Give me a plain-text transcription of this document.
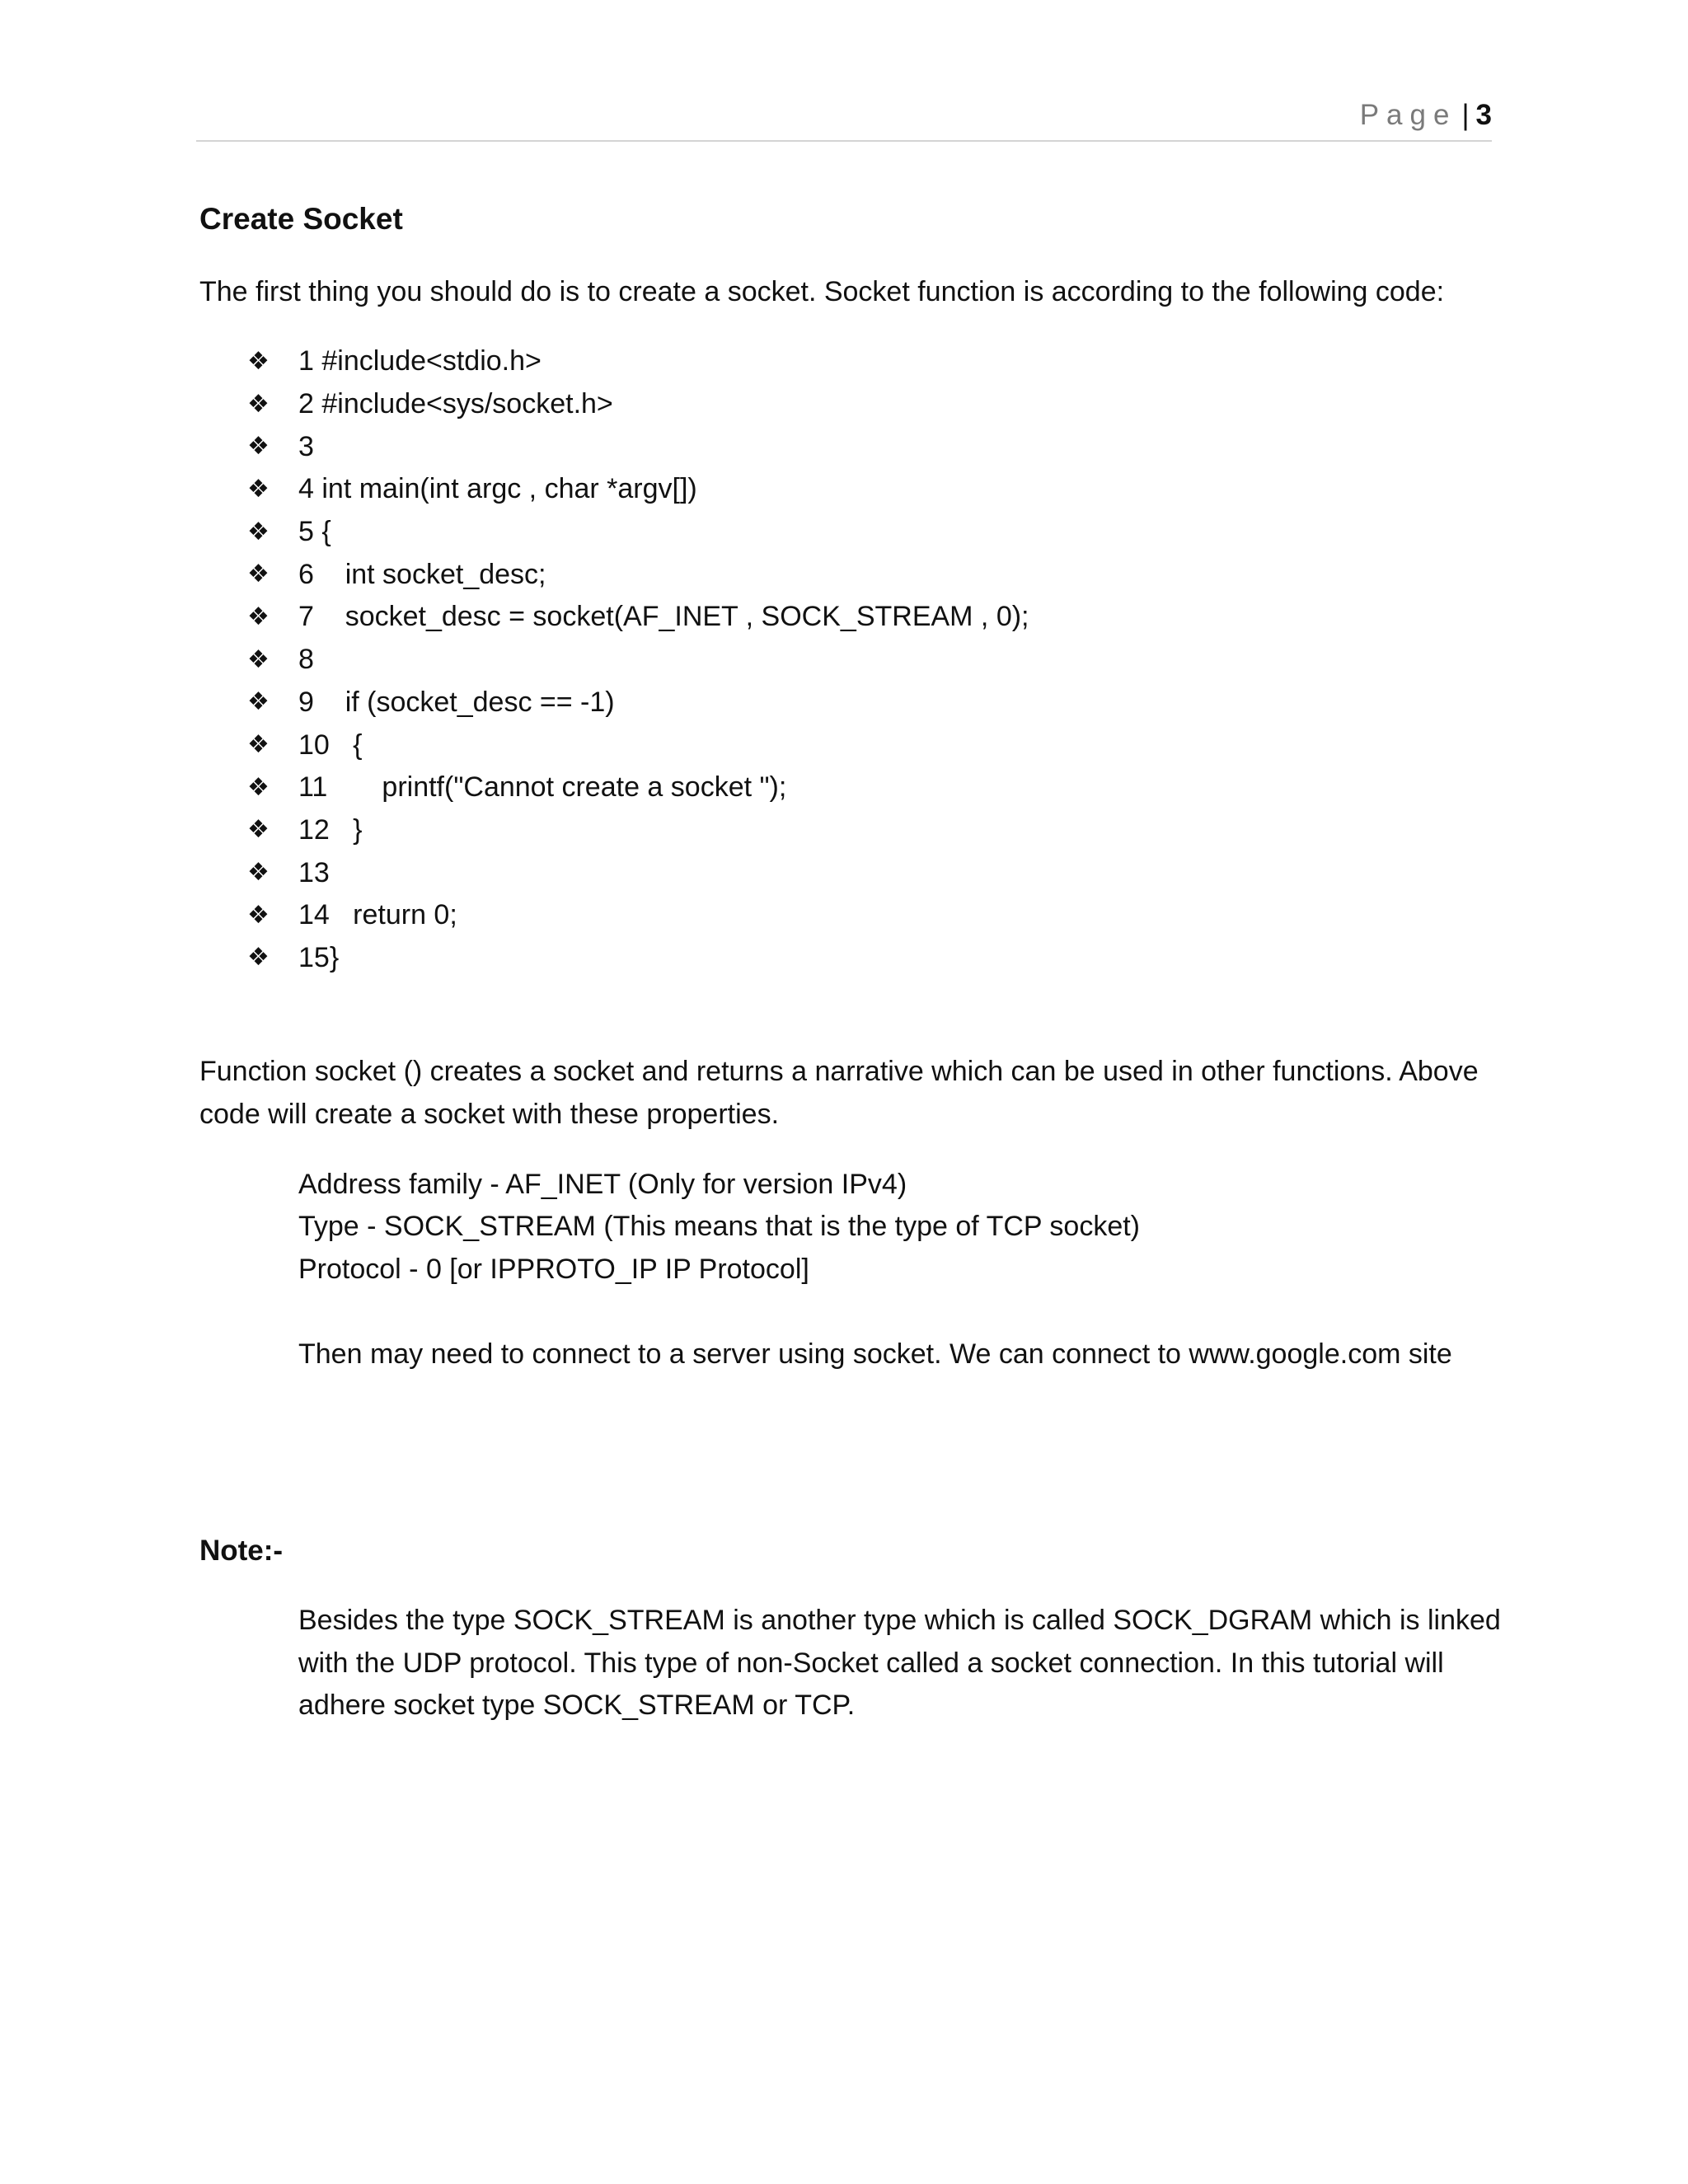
Page | 3
Create Socket
The first thing you should do is to create a socket. Socket function is according to the following code:
❖	1 #include<stdio.h>
❖	2 #include<sys/socket.h>
❖	3
❖	4 int main(int argc , char *argv[])
❖	5 {
❖	6    int socket_desc;
❖	7    socket_desc = socket(AF_INET , SOCK_STREAM , 0);
❖	8
❖	9    if (socket_desc == -1)
❖	10   {
❖	11       printf("Cannot create a socket ");
❖	12   }
❖	13
❖	14   return 0;
❖	15}
Function socket () creates a socket and returns a narrative which can be used in other functions. Above
code will create a socket with these properties.
Address family - AF_INET (Only for version IPv4)
Type - SOCK_STREAM (This means that is the type of TCP socket)
Protocol - 0 [or IPPROTO_IP IP Protocol]
Then may need to connect to a server using socket. We can connect to www.google.com site
Note:-
Besides the type SOCK_STREAM is another type which is called SOCK_DGRAM which is linked
with the UDP protocol. This type of non-Socket called a socket connection. In this tutorial will
adhere socket type SOCK_STREAM or TCP.
